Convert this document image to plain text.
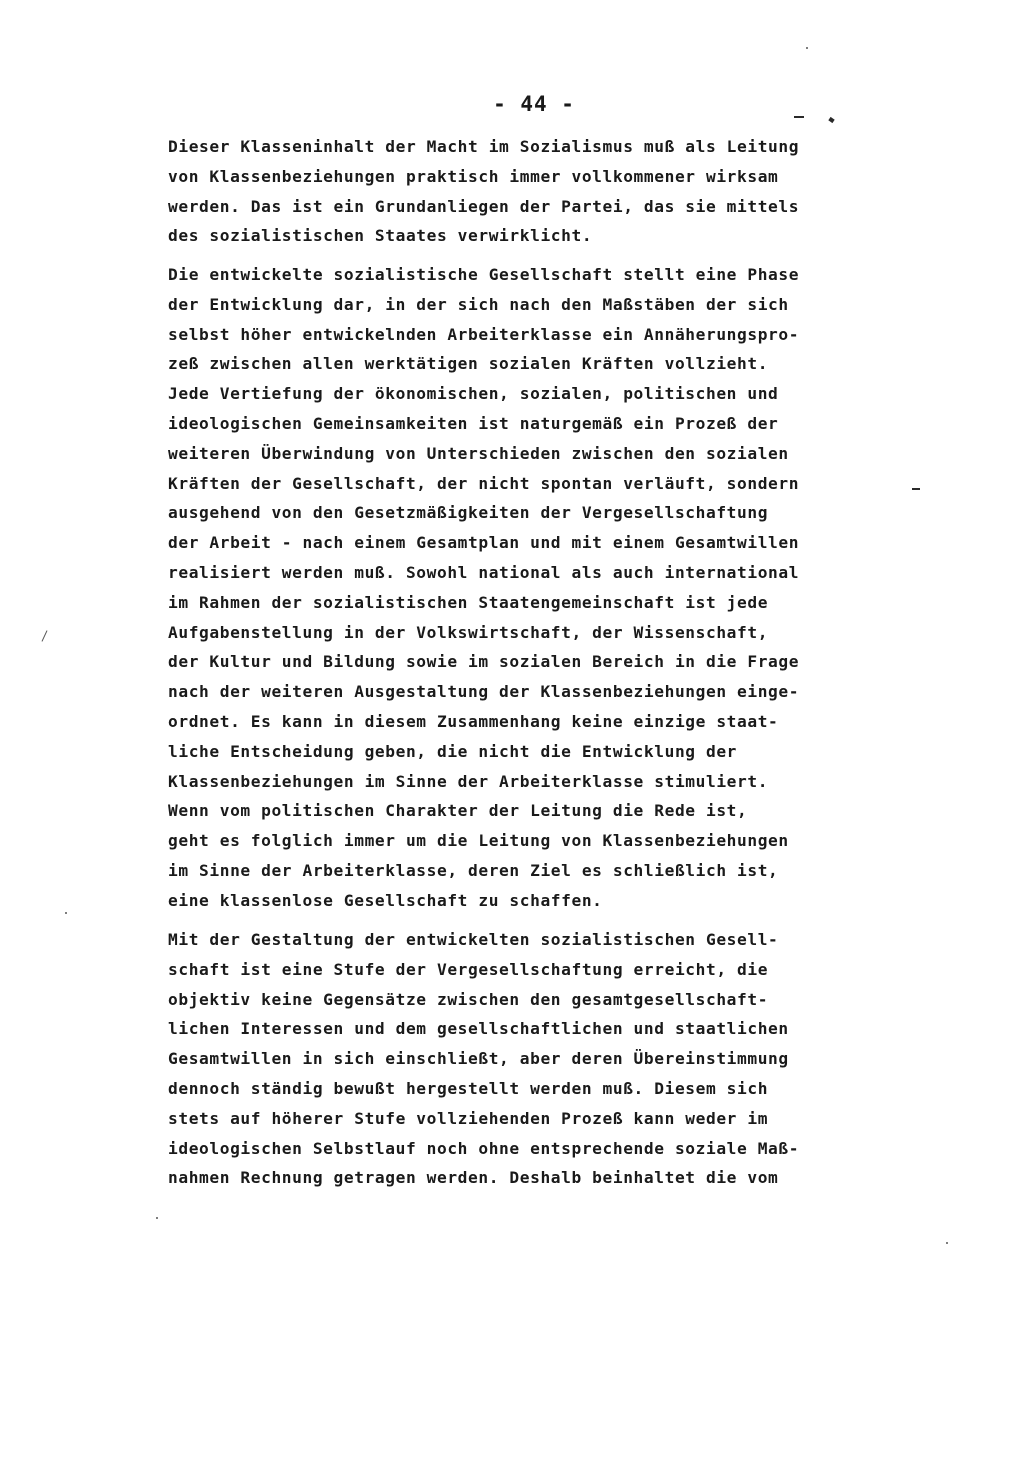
- 44 -
Dieser Klasseninhalt der Macht im Sozialismus muß als Leitung
von Klassenbeziehungen praktisch immer vollkommener wirksam
werden. Das ist ein Grundanliegen der Partei, das sie mittels
des sozialistischen Staates verwirklicht.
Die entwickelte sozialistische Gesellschaft stellt eine Phase
der Entwicklung dar, in der sich nach den Maßstäben der sich
selbst höher entwickelnden Arbeiterklasse ein Annäherungspro-
zeß zwischen allen werktätigen sozialen Kräften vollzieht.
Jede Vertiefung der ökonomischen, sozialen, politischen und
ideologischen Gemeinsamkeiten ist naturgemäß ein Prozeß der
weiteren Überwindung von Unterschieden zwischen den sozialen
Kräften der Gesellschaft, der nicht spontan verläuft, sondern
ausgehend von den Gesetzmäßigkeiten der Vergesellschaftung
der Arbeit - nach einem Gesamtplan und mit einem Gesamtwillen
realisiert werden muß. Sowohl national als auch international
im Rahmen der sozialistischen Staatengemeinschaft ist jede
Aufgabenstellung in der Volkswirtschaft, der Wissenschaft,
der Kultur und Bildung sowie im sozialen Bereich in die Frage
nach der weiteren Ausgestaltung der Klassenbeziehungen einge-
ordnet. Es kann in diesem Zusammenhang keine einzige staat-
liche Entscheidung geben, die nicht die Entwicklung der
Klassenbeziehungen im Sinne der Arbeiterklasse stimuliert.
Wenn vom politischen Charakter der Leitung die Rede ist,
geht es folglich immer um die Leitung von Klassenbeziehungen
im Sinne der Arbeiterklasse, deren Ziel es schließlich ist,
eine klassenlose Gesellschaft zu schaffen.
Mit der Gestaltung der entwickelten sozialistischen Gesell-
schaft ist eine Stufe der Vergesellschaftung erreicht, die
objektiv keine Gegensätze zwischen den gesamtgesellschaft-
lichen Interessen und dem gesellschaftlichen und staatlichen
Gesamtwillen in sich einschließt, aber deren Übereinstimmung
dennoch ständig bewußt hergestellt werden muß. Diesem sich
stets auf höherer Stufe vollziehenden Prozeß kann weder im
ideologischen Selbstlauf noch ohne entsprechende soziale Maß-
nahmen Rechnung getragen werden. Deshalb beinhaltet die vom
